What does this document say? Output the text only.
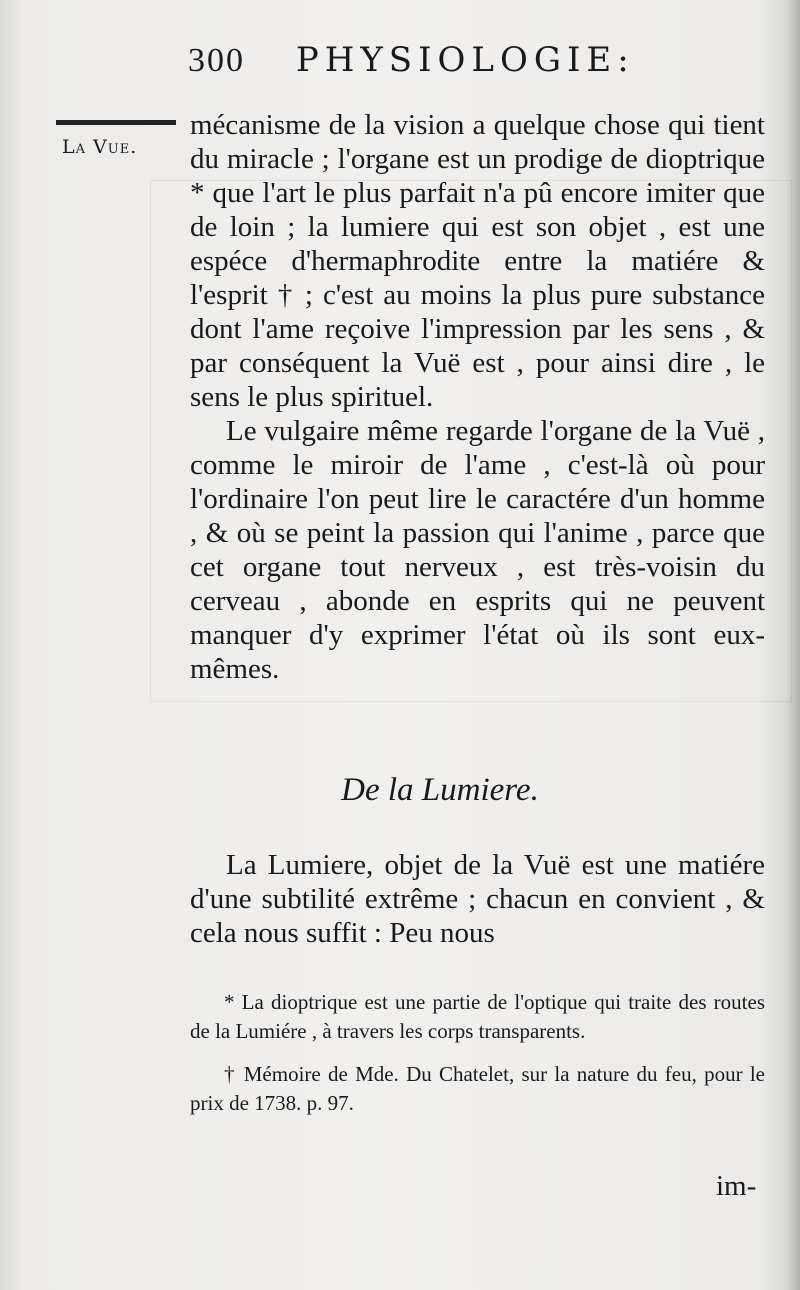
300 PHYSIOLOGIE:
La Vue.

mécanisme de la vision a quelque chose qui tient du miracle ; l'organe est un prodige de dioptrique * que l'art le plus parfait n'a pû encore imiter que de loin ; la lumiere qui est son objet , est une espéce d'hermaphrodite entre la matiére & l'esprit † ; c'est au moins la plus pure substance dont l'ame reçoive l'impression par les sens , & par conséquent la Vuë est , pour ainsi dire , le sens le plus spirituel.

Le vulgaire même regarde l'organe de la Vuë , comme le miroir de l'ame , c'est-là où pour l'ordinaire l'on peut lire le caractére d'un homme , & où se peint la passion qui l'anime , parce que cet organe tout nerveux , est très-voisin du cerveau , abonde en esprits qui ne peuvent manquer d'y exprimer l'état où ils sont eux-mêmes.

De la Lumiere.
La Lumiere, objet de la Vuë est une matiére d'une subtilité extrême ; chacun en convient , & cela nous suffit : Peu nous

* La dioptrique est une partie de l'optique qui traite des routes de la Lumiére , à travers les corps transparents.

† Mémoire de Mde. Du Chatelet, sur la nature du feu, pour le prix de 1738. p. 97.

im-
